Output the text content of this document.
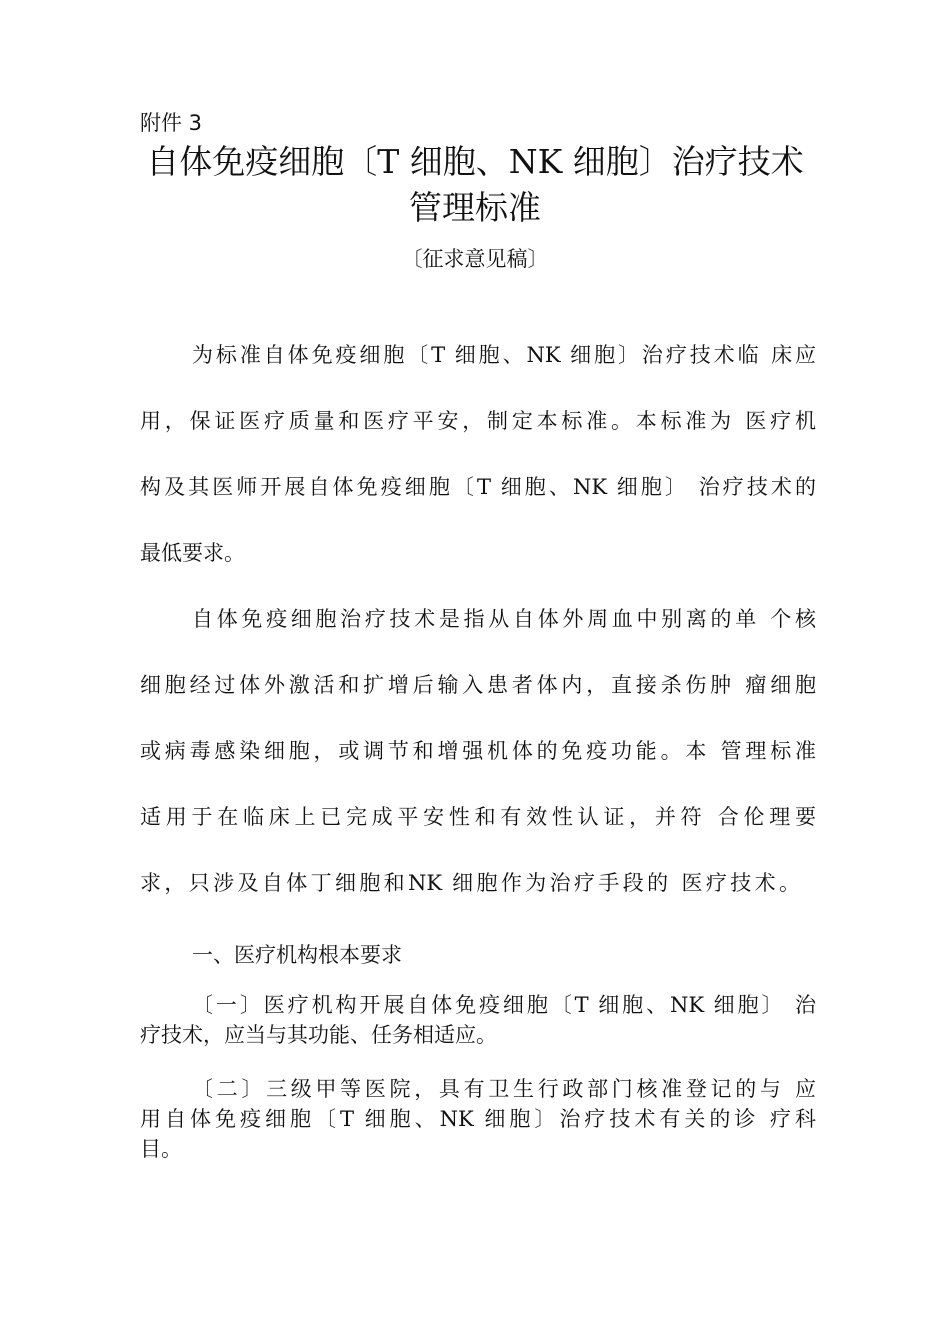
附件 3
自体免疫细胞〔T 细胞、NK 细胞〕治疗技术
管理标准
〔征求意见稿〕
为标准自体免疫细胞〔T 细胞、NK 细胞〕治疗技术临 床应
用，保证医疗质量和医疗平安，制定本标准。本标准为 医疗机
构及其医师开展自体免疫细胞〔T 细胞、NK 细胞〕 治疗技术的
最低要求。
自体免疫细胞治疗技术是指从自体外周血中别离的单 个核
细胞经过体外激活和扩增后输入患者体内，直接杀伤肿 瘤细胞
或病毒感染细胞，或调节和增强机体的免疫功能。本 管理标准
适用于在临床上已完成平安性和有效性认证，并符 合伦理要
求，只涉及自体丁细胞和NK 细胞作为治疗手段的 医疗技术。
一、医疗机构根本要求
〔一〕医疗机构开展自体免疫细胞〔T 细胞、NK 细胞〕 治
疗技术，应当与其功能、任务相适应。
〔二〕三级甲等医院，具有卫生行政部门核准登记的与 应
用自体免疫细胞〔T 细胞、NK 细胞〕治疗技术有关的诊 疗科
目。
